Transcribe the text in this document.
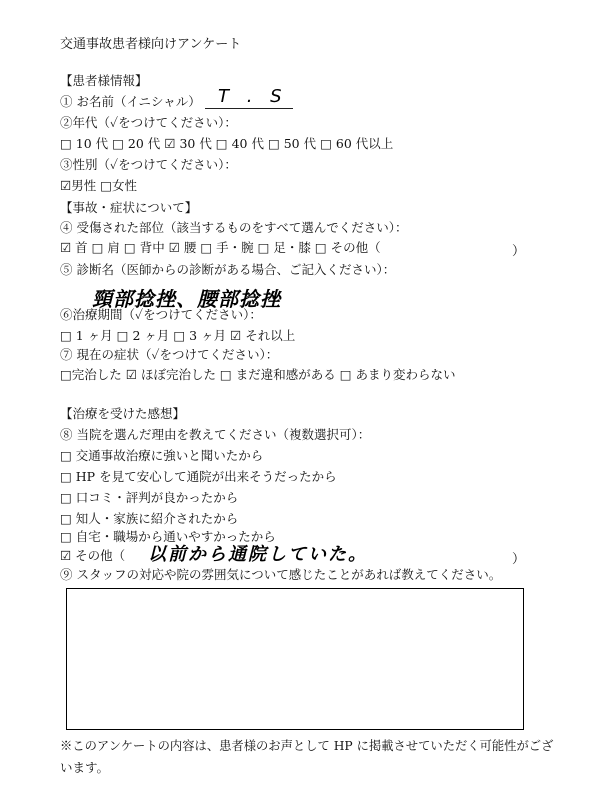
交通事故患者様向けアンケート
【患者様情報】
① お名前（イニシャル） T . S
②年代（✓をつけてください）：
□ 10 代 □ 20 代 ☑ 30 代 □ 40 代 □ 50 代 □ 60 代以上
③性別（✓をつけてください）：
☑男性 □女性
【事故・症状について】
④ 受傷された部位（該当するものをすべて選んでください）：
☑ 首 □ 肩 □ 背中 ☑ 腰 □ 手・腕 □ 足・膝 □ その他（	）
⑤ 診断名（医師からの診断がある場合、ご記入ください）：
頸部捻挫、腰部捻挫
⑥治療期間（✓をつけてください）：
□ 1 ヶ月 □ 2 ヶ月 □ 3 ヶ月 ☑ それ以上
⑦ 現在の症状（✓をつけてください）：
□完治した ☑ ほぼ完治した □ まだ違和感がある □ あまり変わらない
【治療を受けた感想】
⑧ 当院を選んだ理由を教えてください（複数選択可）：
□ 交通事故治療に強いと聞いたから
□ HP を見て安心して通院が出来そうだったから
□ 口コミ・評判が良かったから
□ 知人・家族に紹介されたから
□ 自宅・職場から通いやすかったから
☑ その他（ 以前から通院していた。	）
⑨ スタッフの対応や院の雰囲気について感じたことがあれば教えてください。
※このアンケートの内容は、患者様のお声として HP に掲載させていただく可能性がござ
います。
